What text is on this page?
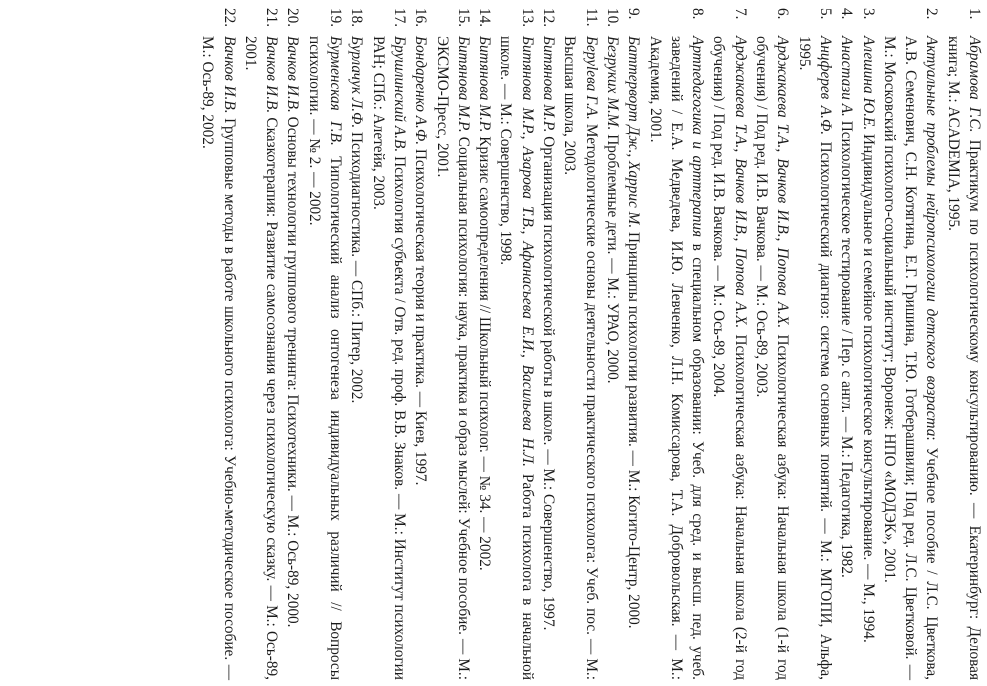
1.
Абрамова Г.С. Практикум по психологическому консультированию. — Екатеринбург: Деловая книга; М.: ACADEMIA, 1995.
2.
Актуальные проблемы нейропсихологии детского возраста: Учебное пособие / Л.С. Цветкова, А.В. Семенович, С.Н. Котягина, Е.Г. Гришина, Т.Ю. Готберашвили; Под ред. Л.С. Цветковой. — М.: Московский психолого-социальный институт; Воронеж: НПО «МОДЭК», 2001.
3.
Алешина Ю.Е. Индивидуальное и семейное психологическое консультирование. — М., 1994.
4.
Анастази А. Психологическое тестирование / Пер. с англ. — М.: Педагогика, 1982.
5.
Анцферев А.Ф. Психологический диагноз: система основных понятий. — М.: МГОПИ, Альфа, 1995.
6.
Арджакаева Т.А., Вачков И.В., Попова А.Х. Психологическая азбука: Начальная школа (1-й год обучения) / Под ред. И.В. Вачкова. — М.: Ось-89, 2003.
7.
Арджакаева Т.А., Вачков И.В., Попова А.Х. Психологическая азбука: Начальная школа (2-й год обучения) / Под ред. И.В. Вачкова. — М.: Ось-89, 2004.
8.
Артпедагогика и арттерапия в специальном образовании: Учеб. для сред. и высш. пед. учеб. заведений / Е.А. Медведева, И.Ю. Левченко, Л.Н. Комиссарова, Т.А. Добровольская. — М.: Академия, 2001.
9.
Баттерворт Дж., Харрис М. Принципы психологии развития. — М.: Когито-Центр, 2000.
10.
Безруких М.М. Проблемные дети. — М.: УРАО, 2000.
11.
Беруlева Г.А. Методологические основы деятельности практического психолога: Учеб. пос. — М.: Высшая школа, 2003.
12.
Битянова М.Р. Организация психологической работы в школе. — М.: Совершенство, 1997.
13.
Битянова М.Р., Азарова Т.В., Афанасьева Е.И., Васильева Н.Л. Работа психолога в начальной школе. — М.: Совершенство, 1998.
14.
Битянова М.Р. Кризис самоопределения // Школьный психолог. — № 34. — 2002.
15.
Битянова М.Р. Социальная психология: наука, практика и образ мыслей: Учебное пособие. — М.: ЭКСМО-Пресс, 2001.
16.
Бондаренко А.Ф. Психологическая теория и практика. — Киев, 1997.
17.
Брушлинский А.В. Психология субъекта / Отв. ред. проф. В.В. Знаков. — М.: Институт психологии РАН; СПб.: Алетейя, 2003.
18.
Бурлачук Л.Ф. Психодиагностика. — СПб.: Питер, 2002.
19.
Бурменская Г.В. Типологический анализ онтогенеза индивидуальных различий // Вопросы психологии. — № 2. — 2002.
20.
Вачков И.В. Основы технологии группового тренинга: Психотехники. — М.: Ось-89, 2000.
21.
Вачков И.В. Сказкотерапия: Развитие самосознания через психологическую сказку. — М.: Ось-89, 2001.
22.
Вачков И.В. Групповые методы в работе школьного психолога: Учебно-методическое пособие. — М.: Ось-89, 2002.
